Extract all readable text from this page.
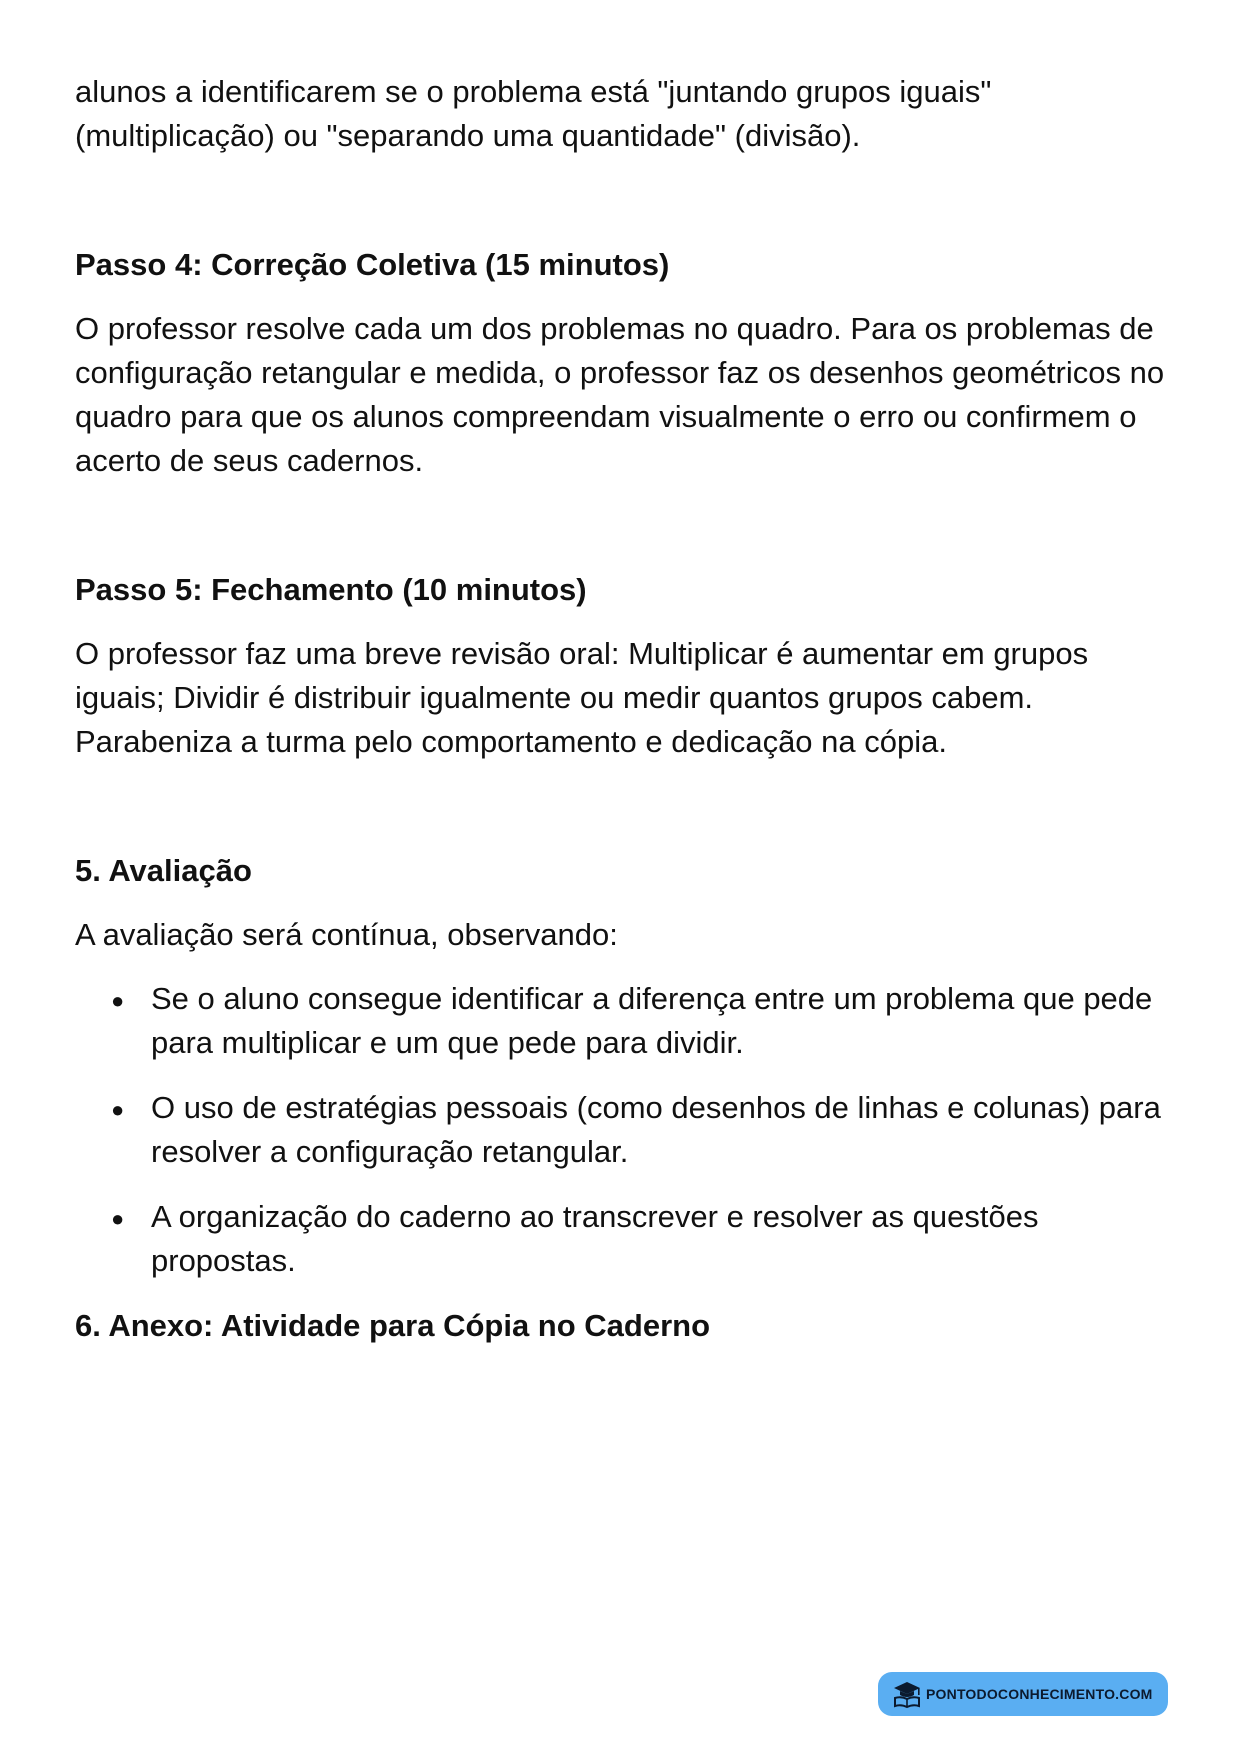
alunos a identificarem se o problema está "juntando grupos iguais" (multiplicação) ou "separando uma quantidade" (divisão).

Passo 4: Correção Coletiva (15 minutos)

O professor resolve cada um dos problemas no quadro. Para os problemas de configuração retangular e medida, o professor faz os desenhos geométricos no quadro para que os alunos compreendam visualmente o erro ou confirmem o acerto de seus cadernos.

Passo 5: Fechamento (10 minutos)

O professor faz uma breve revisão oral: Multiplicar é aumentar em grupos iguais; Dividir é distribuir igualmente ou medir quantos grupos cabem. Parabeniza a turma pelo comportamento e dedicação na cópia.

5. Avaliação

A avaliação será contínua, observando:

● Se o aluno consegue identificar a diferença entre um problema que pede para multiplicar e um que pede para dividir.
● O uso de estratégias pessoais (como desenhos de linhas e colunas) para resolver a configuração retangular.
● A organização do caderno ao transcrever e resolver as questões propostas.
6. Anexo: Atividade para Cópia no Caderno
PONTODOCONHECIMENTO.COM
